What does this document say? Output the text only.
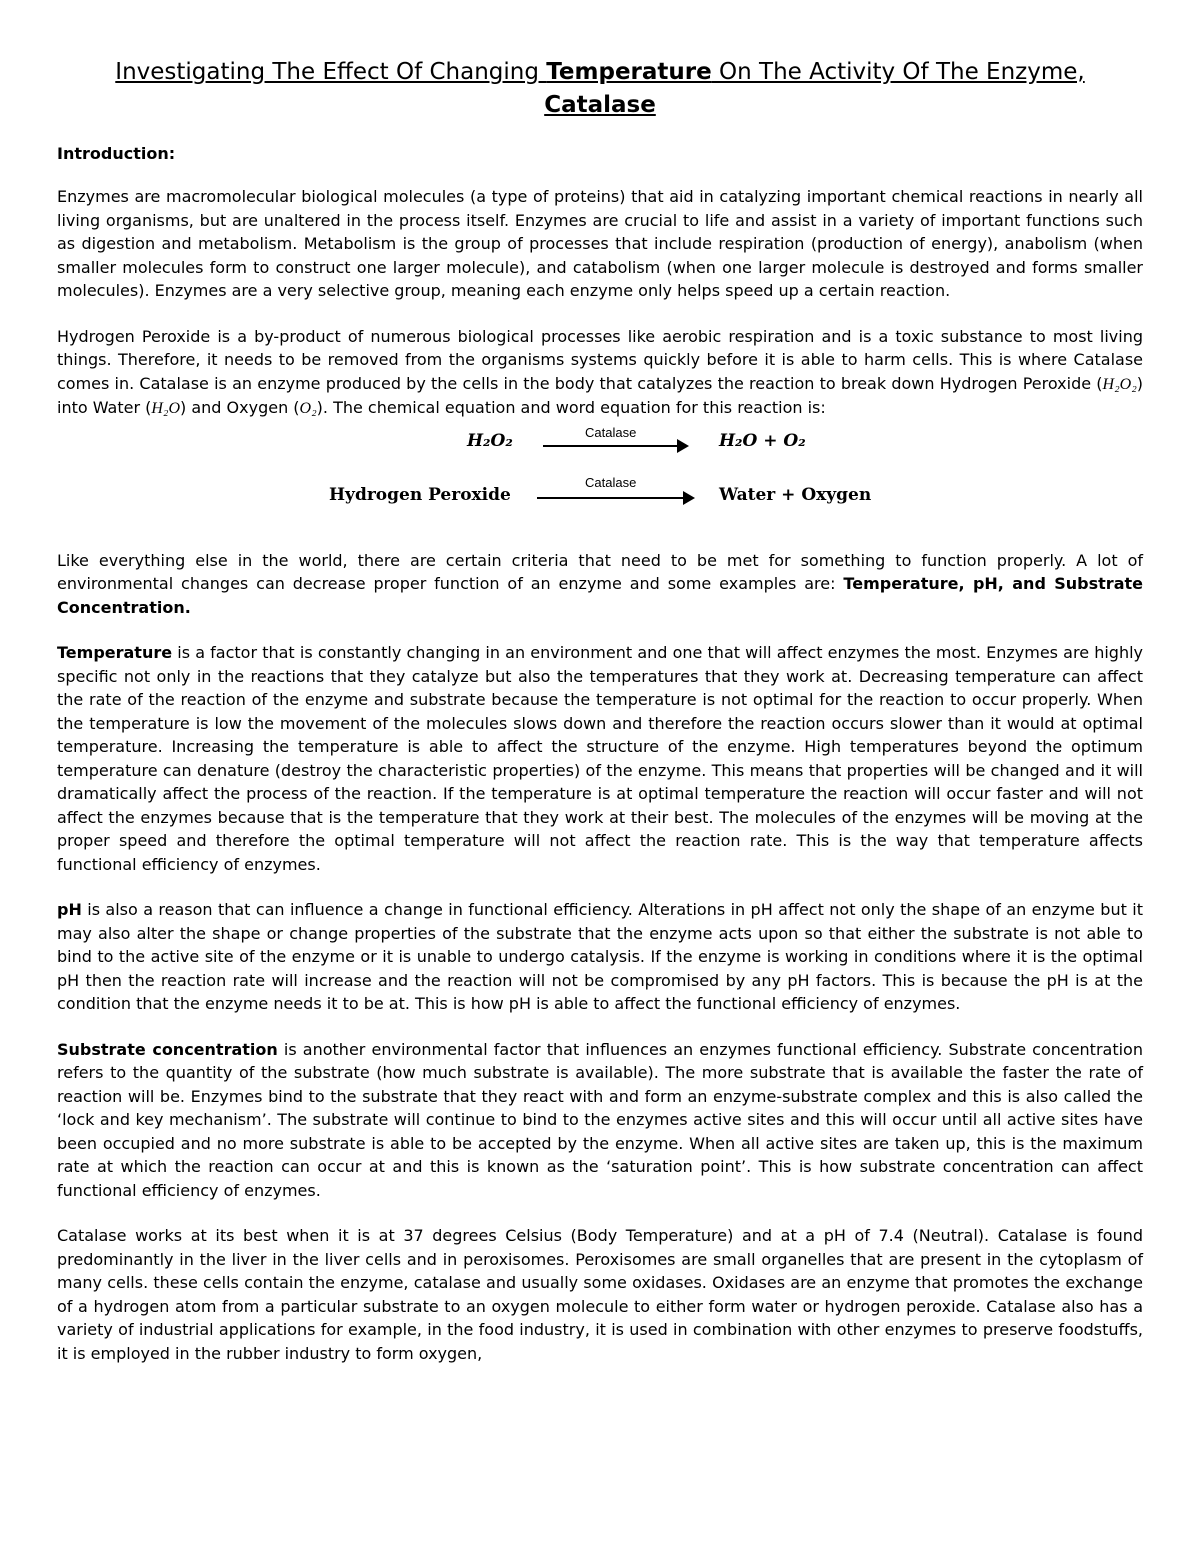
Investigating The Effect Of Changing Temperature On The Activity Of The Enzyme,
Catalase
Introduction:

Enzymes are macromolecular biological molecules (a type of proteins) that aid in catalyzing important chemical reactions in nearly all living organisms, but are unaltered in the process itself. Enzymes are crucial to life and assist in a variety of important functions such as digestion and metabolism. Metabolism is the group of processes that include respiration (production of energy), anabolism (when smaller molecules form to construct one larger molecule), and catabolism (when one larger molecule is destroyed and forms smaller molecules). Enzymes are a very selective group, meaning each enzyme only helps speed up a certain reaction.

Hydrogen Peroxide is a by-product of numerous biological processes like aerobic respiration and is a toxic substance to most living things. Therefore, it needs to be removed from the organisms systems quickly before it is able to harm cells. This is where Catalase comes in. Catalase is an enzyme produced by the cells in the body that catalyzes the reaction to break down Hydrogen Peroxide (H₂O₂) into Water (H₂O) and Oxygen (O₂). The chemical equation and word equation for this reaction is:

H₂O₂	Catalase	H₂O + O₂
Hydrogen Peroxide
Catalase
Water + Oxygen

Like everything else in the world, there are certain criteria that need to be met for something to function properly. A lot of environmental changes can decrease proper function of an enzyme and some examples are: Temperature, pH, and Substrate Concentration.

Temperature is a factor that is constantly changing in an environment and one that will affect enzymes the most. Enzymes are highly specific not only in the reactions that they catalyze but also the temperatures that they work at. Decreasing temperature can affect the rate of the reaction of the enzyme and substrate because the temperature is not optimal for the reaction to occur properly. When the temperature is low the movement of the molecules slows down and therefore the reaction occurs slower than it would at optimal temperature. Increasing the temperature is able to affect the structure of the enzyme. High temperatures beyond the optimum temperature can denature (destroy the characteristic properties) of the enzyme. This means that properties will be changed and it will dramatically affect the process of the reaction. If the temperature is at optimal temperature the reaction will occur faster and will not affect the enzymes because that is the temperature that they work at their best. The molecules of the enzymes will be moving at the proper speed and therefore the optimal temperature will not affect the reaction rate. This is the way that temperature affects functional efficiency of enzymes.

pH is also a reason that can influence a change in functional efficiency. Alterations in pH affect not only the shape of an enzyme but it may also alter the shape or change properties of the substrate that the enzyme acts upon so that either the substrate is not able to bind to the active site of the enzyme or it is unable to undergo catalysis. If the enzyme is working in conditions where it is the optimal pH then the reaction rate will increase and the reaction will not be compromised by any pH factors. This is because the pH is at the condition that the enzyme needs it to be at. This is how pH is able to affect the functional efficiency of enzymes.

Substrate concentration is another environmental factor that influences an enzymes functional efficiency. Substrate concentration refers to the quantity of the substrate (how much substrate is available). The more substrate that is available the faster the rate of reaction will be. Enzymes bind to the substrate that they react with and form an enzyme-substrate complex and this is also called the ‘lock and key mechanism’. The substrate will continue to bind to the enzymes active sites and this will occur until all active sites have been occupied and no more substrate is able to be accepted by the enzyme. When all active sites are taken up, this is the maximum rate at which the reaction can occur at and this is known as the ‘saturation point’. This is how substrate concentration can affect functional efficiency of enzymes.

Catalase works at its best when it is at 37 degrees Celsius (Body Temperature) and at a pH of 7.4 (Neutral). Catalase is found predominantly in the liver in the liver cells and in peroxisomes. Peroxisomes are small organelles that are present in the cytoplasm of many cells. these cells contain the enzyme, catalase and usually some oxidases. Oxidases are an enzyme that promotes the exchange of a hydrogen atom from a particular substrate to an oxygen molecule to either form water or hydrogen peroxide. Catalase also has a variety of industrial applications for example, in the food industry, it is used in combination with other enzymes to preserve foodstuffs, it is employed in the rubber industry to form oxygen,
